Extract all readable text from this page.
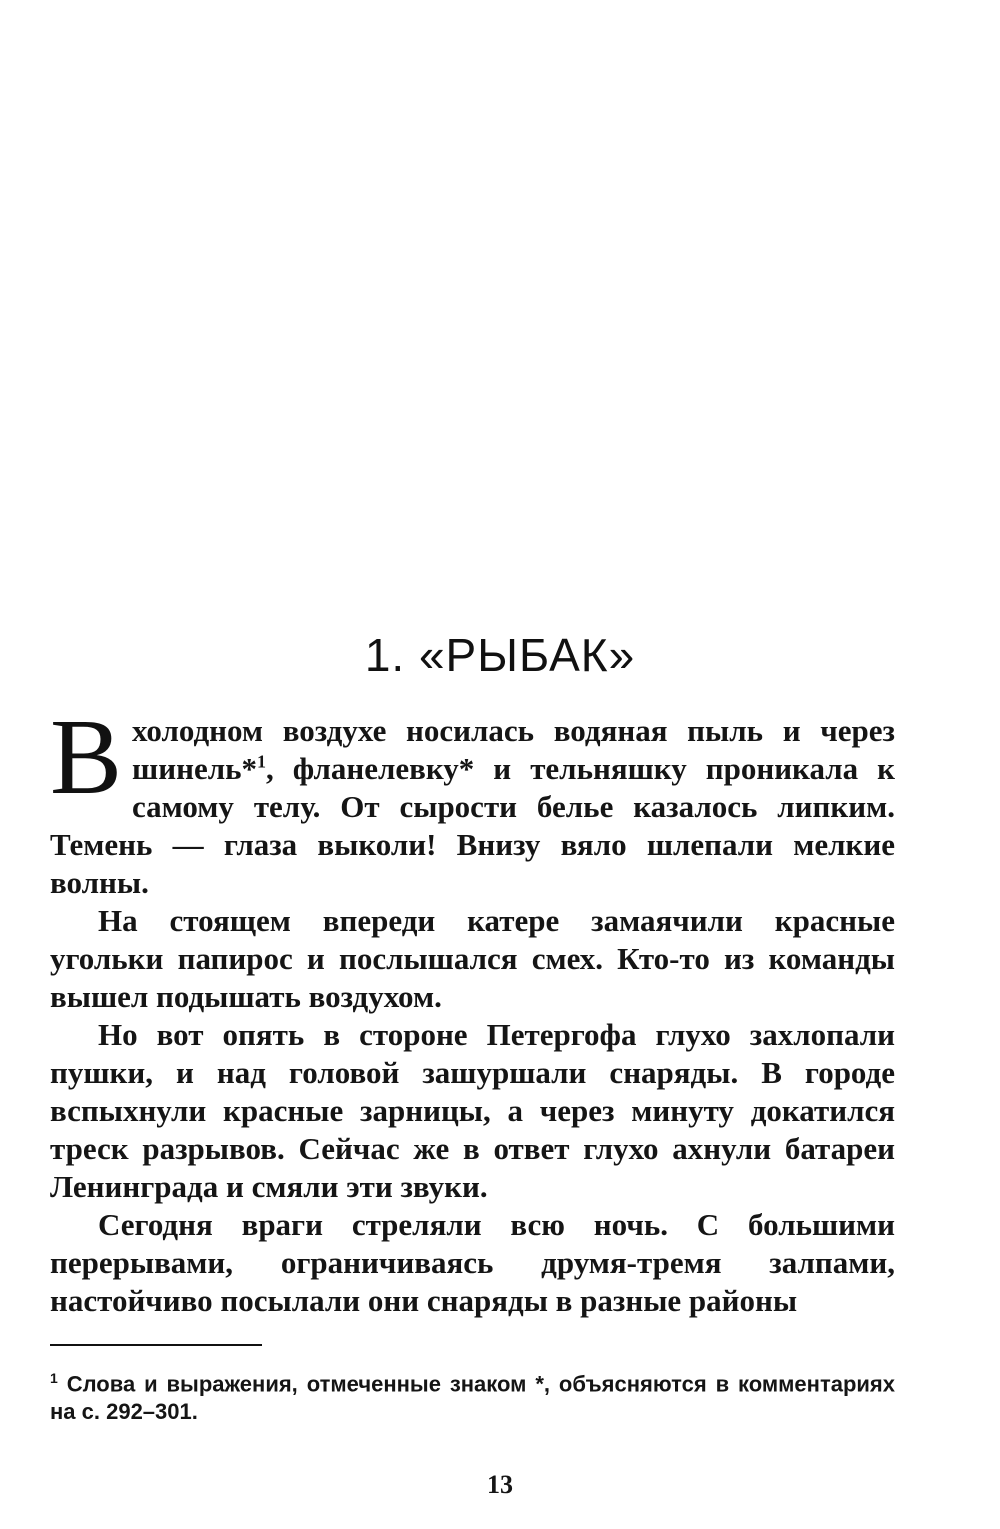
1. «РЫБАК»

В холодном воздухе носилась водяная пыль и через шинель*$^1$, фланелевку* и тельняшку проникала к самому телу. От сырости белье казалось липким. Темень — глаза выколи! Внизу вяло шлепали мелкие волны.

На стоящем впереди катере замаячили красные угольки папирос и послышался смех. Кто-то из команды вышел подышать воздухом.

Но вот опять в стороне Петергофа глухо захлопали пушки, и над головой зашуршали снаряды. В городе вспыхнули красные зарницы, а через минуту докатился треск разрывов. Сейчас же в ответ глухо ахнули батареи Ленинграда и смяли эти звуки.

Сегодня враги стреляли всю ночь. С большими перерывами, ограничиваясь друмя-тремя залпами, настойчиво посылали они снаряды в разные районы

$^1$ Слова и выражения, отмеченные знаком *, объясняются в комментариях на с. 292–301.
13
